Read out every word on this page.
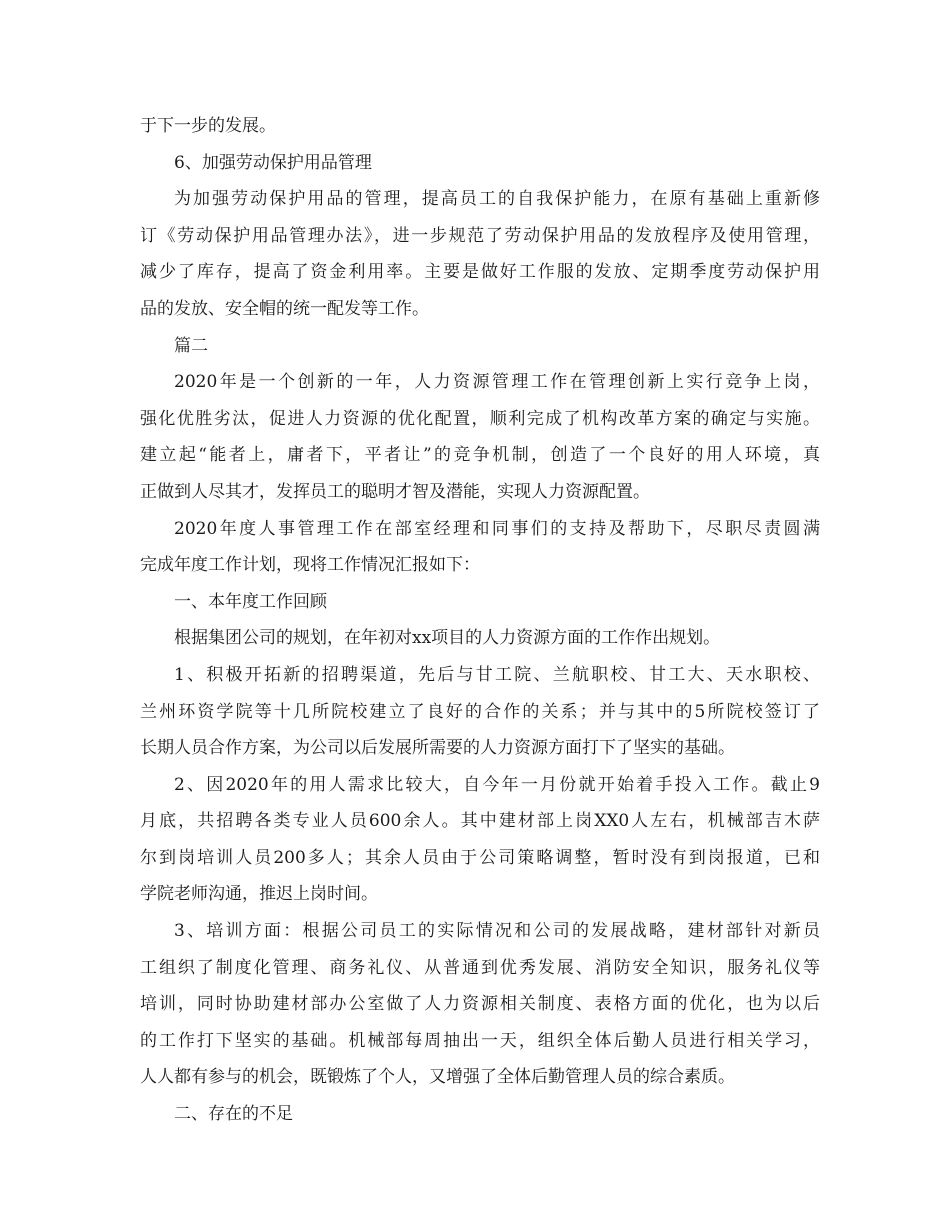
于下一步的发展。
6、加强劳动保护用品管理
为加强劳动保护用品的管理，提高员工的自我保护能力，在原有基础上重新修
订《劳动保护用品管理办法》，进一步规范了劳动保护用品的发放程序及使用管理，
减少了库存，提高了资金利用率。主要是做好工作服的发放、定期季度劳动保护用
品的发放、安全帽的统一配发等工作。
篇二
2020年是一个创新的一年，人力资源管理工作在管理创新上实行竞争上岗，
强化优胜劣汰，促进人力资源的优化配置，顺利完成了机构改革方案的确定与实施。
建立起“能者上，庸者下，平者让”的竞争机制，创造了一个良好的用人环境，真
正做到人尽其才，发挥员工的聪明才智及潜能，实现人力资源配置。
2020年度人事管理工作在部室经理和同事们的支持及帮助下，尽职尽责圆满
完成年度工作计划，现将工作情况汇报如下：
一、本年度工作回顾
根据集团公司的规划，在年初对xx项目的人力资源方面的工作作出规划。
1、积极开拓新的招聘渠道，先后与甘工院、兰航职校、甘工大、天水职校、
兰州环资学院等十几所院校建立了良好的合作的关系；并与其中的5所院校签订了
长期人员合作方案，为公司以后发展所需要的人力资源方面打下了坚实的基础。
2、因2020年的用人需求比较大，自今年一月份就开始着手投入工作。截止9
月底，共招聘各类专业人员600余人。其中建材部上岗XX0人左右，机械部吉木萨
尔到岗培训人员200多人；其余人员由于公司策略调整，暂时没有到岗报道，已和
学院老师沟通，推迟上岗时间。
3、培训方面：根据公司员工的实际情况和公司的发展战略，建材部针对新员
工组织了制度化管理、商务礼仪、从普通到优秀发展、消防安全知识，服务礼仪等
培训，同时协助建材部办公室做了人力资源相关制度、表格方面的优化，也为以后
的工作打下坚实的基础。机械部每周抽出一天，组织全体后勤人员进行相关学习，
人人都有参与的机会，既锻炼了个人，又增强了全体后勤管理人员的综合素质。
二、存在的不足
